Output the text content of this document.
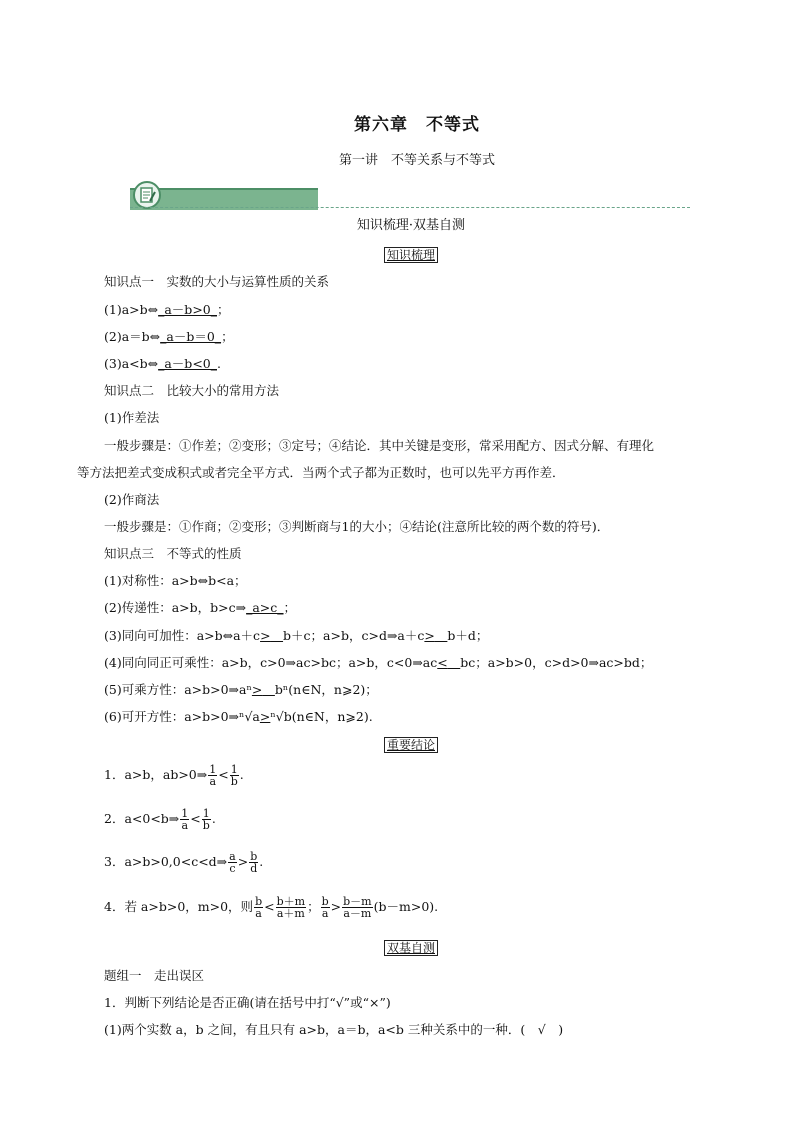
第六章　不等式
第一讲　不等关系与不等式
知识梳理·双基自测
知识梳理
知识点一　实数的大小与运算性质的关系
(1)a>b⇔_a－b>0_；
(2)a＝b⇔_a－b＝0_；
(3)a<b⇔_a－b<0_.
知识点二　比较大小的常用方法
(1)作差法
一般步骤是：①作差；②变形；③定号；④结论．其中关键是变形，常采用配方、因式分解、有理化
等方法把差式变成积式或者完全平方式．当两个式子都为正数时，也可以先平方再作差．
(2)作商法
一般步骤是：①作商；②变形；③判断商与1的大小；④结论(注意所比较的两个数的符号)．
知识点三　不等式的性质
(1)对称性：a>b⇔b<a；
(2)传递性：a>b，b>c⇒_a>c_；
(3)同向可加性：a>b⇔a＋c>  b＋c；a>b，c>d⇒a＋c>  b＋d；
(4)同向同正可乘性：a>b，c>0⇒ac>bc；a>b，c<0⇒ac<  bc；a>b>0，c>d>0⇒ac>bd；
(5)可乘方性：a>b>0⇒aⁿ>  bⁿ(n∈N，n⩾2)；
(6)可开方性：a>b>0⇒ⁿ√a>ⁿ√b(n∈N，n⩾2).
重要结论
1．a>b，ab>0⇒ $\frac{1}{a} < \frac{1}{b}$ .
2．a<0<b⇒ $\frac{1}{a} < \frac{1}{b}$ .
3．a>b>0,0<c<d⇒ $\frac{a}{c} > \frac{b}{d}$ .
4．若 a>b>0，m>0，则 $\frac{b}{a} < \frac{b+m}{a+m}$ ； $\frac{b}{a} > \frac{b-m}{a-m} (b-m>0)$.
双基自测
题组一　走出误区
1．判断下列结论是否正确(请在括号中打“√”或“×”)
(1)两个实数 a，b 之间，有且只有 a>b，a＝b，a<b 三种关系中的一种．(　√　)
